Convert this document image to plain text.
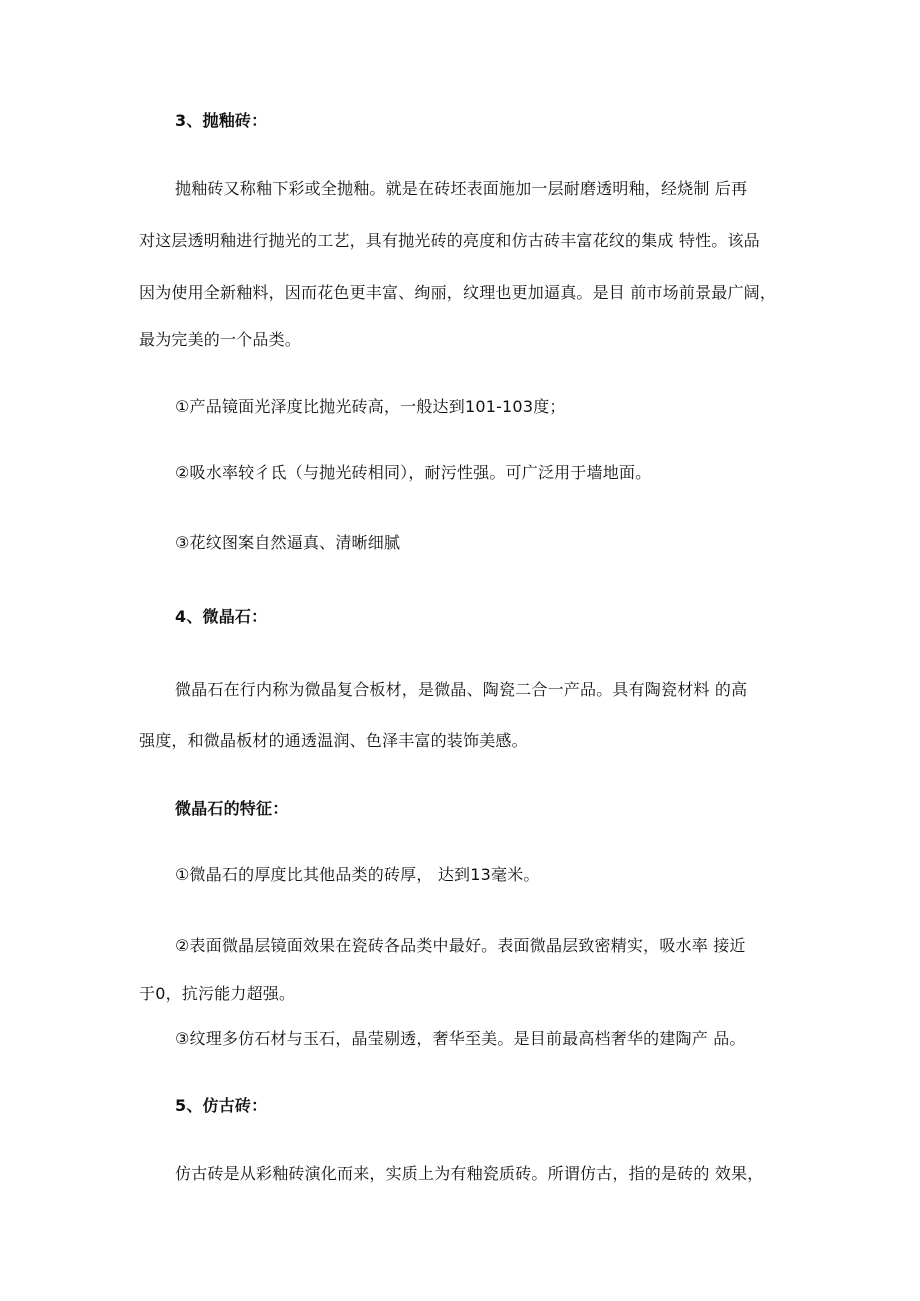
3、抛釉砖：
抛釉砖又称釉下彩或全抛釉。就是在砖坯表面施加一层耐磨透明釉，经烧制 后再
对这层透明釉进行抛光的工艺，具有抛光砖的亮度和仿古砖丰富花纹的集成 特性。该品
因为使用全新釉料，因而花色更丰富、绚丽，纹理也更加逼真。是目 前市场前景最广阔，
最为完美的一个品类。
①产品镜面光泽度比抛光砖高，一般达到101-103度；
②吸水率较彳氐（与抛光砖相同），耐污性强。可广泛用于墙地面。
③花纹图案自然逼真、清晰细腻
4、微晶石：
微晶石在行内称为微晶复合板材，是微晶、陶瓷二合一产品。具有陶瓷材料 的高
强度，和微晶板材的通透温润、色泽丰富的装饰美感。
微晶石的特征：
①微晶石的厚度比其他品类的砖厚， 达到13毫米。
②表面微晶层镜面效果在瓷砖各品类中最好。表面微晶层致密精实，吸水率 接近
于0，抗污能力超强。
③纹理多仿石材与玉石，晶莹剔透，奢华至美。是目前最高档奢华的建陶产 品。
5、仿古砖：
仿古砖是从彩釉砖演化而来，实质上为有釉瓷质砖。所谓仿古，指的是砖的 效果，
